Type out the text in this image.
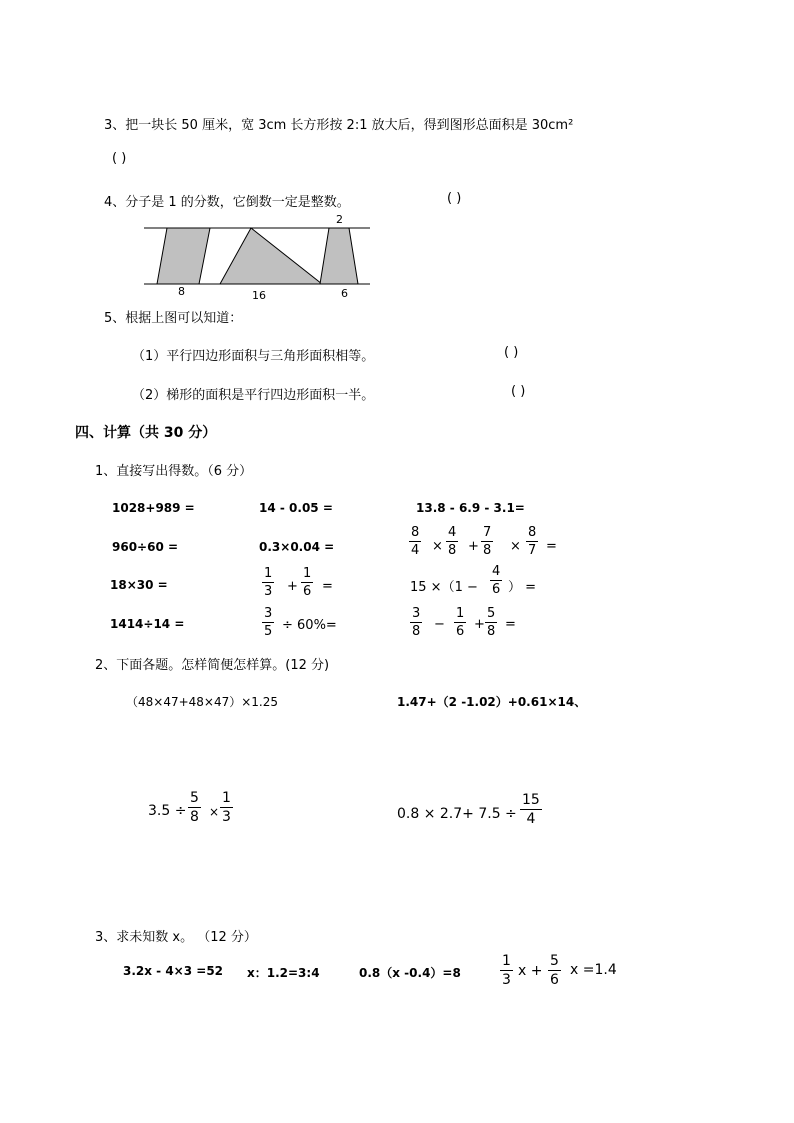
3、把一块长 50 厘米，宽 3cm 长方形按 2:1 放大后，得到图形总面积是 30cm²
( )
4、分子是 1 的分数，它倒数一定是整数。	( )
2
8	16	6
5、根据上图可以知道：
（1）平行四边形面积与三角形面积相等。	( )
（2）梯形的面积是平行四边形面积一半。	( )
四、计算（共 30 分）
1、直接写出得数。（6 分）
1028+989 =	14 - 0.05 =	13.8 - 6.9 - 3.1=
960÷60 =	0.3×0.04 =	$\frac{8}{4} \times \frac{4}{8} + \frac{7}{8} \times \frac{8}{7}$ =
18×30 =	$\frac{1}{3} + \frac{1}{6}$ =	$15 \times(1 - \frac{4}{6}$ ） =
1414÷14 =	$\frac{3}{5} \div 60\%=$	$\frac{3}{8} - \frac{1}{6} + \frac{5}{8}$ =
2、下面各题。怎样简便怎样算。(12 分)
（48×47+48×47）×1.25	1.47+（2 -1.02）+0.61×14、
$3.5 \div \frac{5}{8} \times \frac{1}{3}$	$0.8 \times 2.7+ 7.5 \div \frac{15}{4}$
3、求未知数 x。 （12 分）
3.2x - 4×3 =52 x：1.2=3:4	0.8（x -0.4）=8	$\frac{1}{3}$ $x + \frac{5}{6}$ x =1.4
